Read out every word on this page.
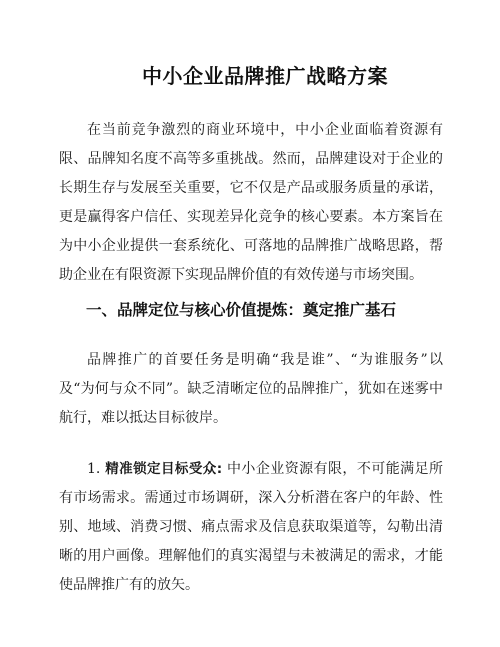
中小企业品牌推广战略方案

在当前竞争激烈的商业环境中，中小企业面临着资源有限、品牌知名度不高等多重挑战。然而，品牌建设对于企业的长期生存与发展至关重要，它不仅是产品或服务质量的承诺，更是赢得客户信任、实现差异化竞争的核心要素。本方案旨在为中小企业提供一套系统化、可落地的品牌推广战略思路，帮助企业在有限资源下实现品牌价值的有效传递与市场突围。

一、品牌定位与核心价值提炼：奠定推广基石

品牌推广的首要任务是明确“我是谁”、“为谁服务”以及“为何与众不同”。缺乏清晰定位的品牌推广，犹如在迷雾中航行，难以抵达目标彼岸。

1. 精准锁定目标受众: 中小企业资源有限，不可能满足所有市场需求。需通过市场调研，深入分析潜在客户的年龄、性别、地域、消费习惯、痛点需求及信息获取渠道等，勾勒出清晰的用户画像。理解他们的真实渴望与未被满足的需求，才能使品牌推广有的放矢。
